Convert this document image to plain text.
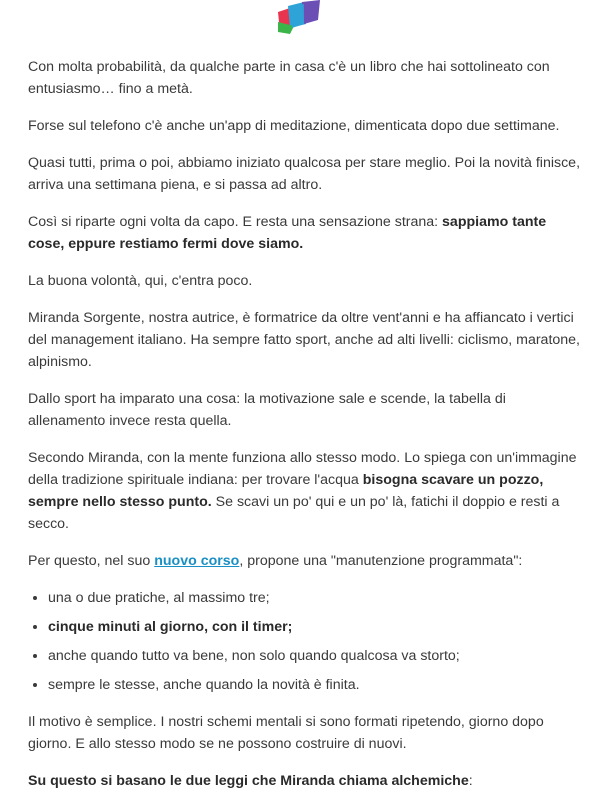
Con molta probabilità, da qualche parte in casa c'è un libro che hai sottolineato con entusiasmo… fino a metà.

Forse sul telefono c'è anche un'app di meditazione, dimenticata dopo due settimane.

Quasi tutti, prima o poi, abbiamo iniziato qualcosa per stare meglio. Poi la novità finisce, arriva una settimana piena, e si passa ad altro.

Così si riparte ogni volta da capo. E resta una sensazione strana: sappiamo tante cose, eppure restiamo fermi dove siamo.

La buona volontà, qui, c'entra poco.

Miranda Sorgente, nostra autrice, è formatrice da oltre vent'anni e ha affiancato i vertici del management italiano. Ha sempre fatto sport, anche ad alti livelli: ciclismo, maratone, alpinismo.

Dallo sport ha imparato una cosa: la motivazione sale e scende, la tabella di allenamento invece resta quella.

Secondo Miranda, con la mente funziona allo stesso modo. Lo spiega con un'immagine della tradizione spirituale indiana: per trovare l'acqua bisogna scavare un pozzo, sempre nello stesso punto. Se scavi un po' qui e un po' là, fatichi il doppio e resti a secco.

Per questo, nel suo nuovo corso, propone una "manutenzione programmata":

• una o due pratiche, al massimo tre;
• cinque minuti al giorno, con il timer;
• anche quando tutto va bene, non solo quando qualcosa va storto;
• sempre le stesse, anche quando la novità è finita.

Il motivo è semplice. I nostri schemi mentali si sono formati ripetendo, giorno dopo giorno. E allo stesso modo se ne possono costruire di nuovi.

Su questo si basano le due leggi che Miranda chiama alchemiche:
